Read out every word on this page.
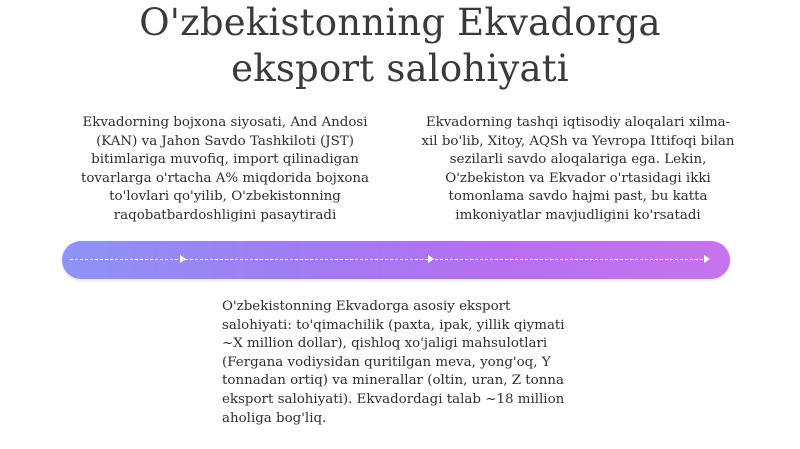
O'zbekistonning Ekvadorga
eksport salohiyati
Ekvadorning bojxona siyosati, And Andosi (KAN) va Jahon Savdo Tashkiloti (JST) bitimlariga muvofiq, import qilinadigan tovarlarga o'rtacha A% miqdorida bojxona to'lovlari qo'yilib, O'zbekistonning raqobatbardoshligini pasaytiradi
Ekvadorning tashqi iqtisodiy aloqalari xilma-xil bo'lib, Xitoy, AQSh va Yevropa Ittifoqi bilan sezilarli savdo aloqalariga ega. Lekin, O'zbekiston va Ekvador o'rtasidagi ikki tomonlama savdo hajmi past, bu katta imkoniyatlar mavjudligini ko'rsatadi
O'zbekistonning Ekvadorga asosiy eksport salohiyati: to'qimachilik (paxta, ipak, yillik qiymati ~X million dollar), qishloq xo'jaligi mahsulotlari (Fergana vodiysidan quritilgan meva, yong'oq, Y tonnadan ortiq) va minerallar (oltin, uran, Z tonna eksport salohiyati). Ekvadordagi talab ~18 million aholiga bog'liq.
